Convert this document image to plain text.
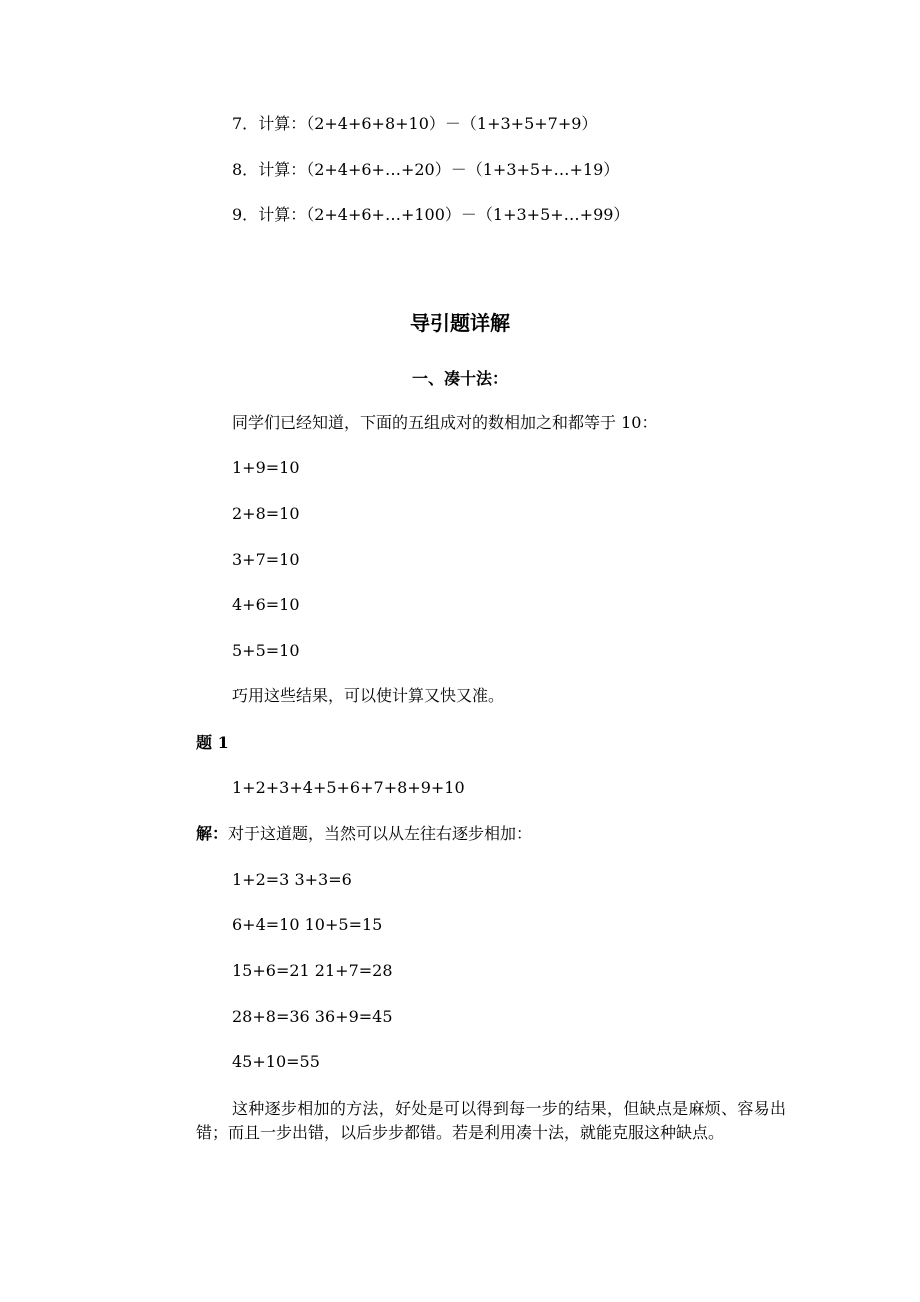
7．计算：（2+4+6+8+10）－（1+3+5+7+9）
8．计算：（2+4+6+…+20）－（1+3+5+…+19）
9．计算：（2+4+6+…+100）－（1+3+5+…+99）
导引题详解
一、凑十法：
同学们已经知道，下面的五组成对的数相加之和都等于 10：
1+9=10
2+8=10
3+7=10
4+6=10
5+5=10
巧用这些结果，可以使计算又快又准。
题 1
1+2+3+4+5+6+7+8+9+10
解：对于这道题，当然可以从左往右逐步相加：
1+2=3 3+3=6
6+4=10 10+5=15
15+6=21 21+7=28
28+8=36 36+9=45
45+10=55
这种逐步相加的方法，好处是可以得到每一步的结果，但缺点是麻烦、容易出错；而且一步出错，以后步步都错。若是利用凑十法，就能克服这种缺点。
